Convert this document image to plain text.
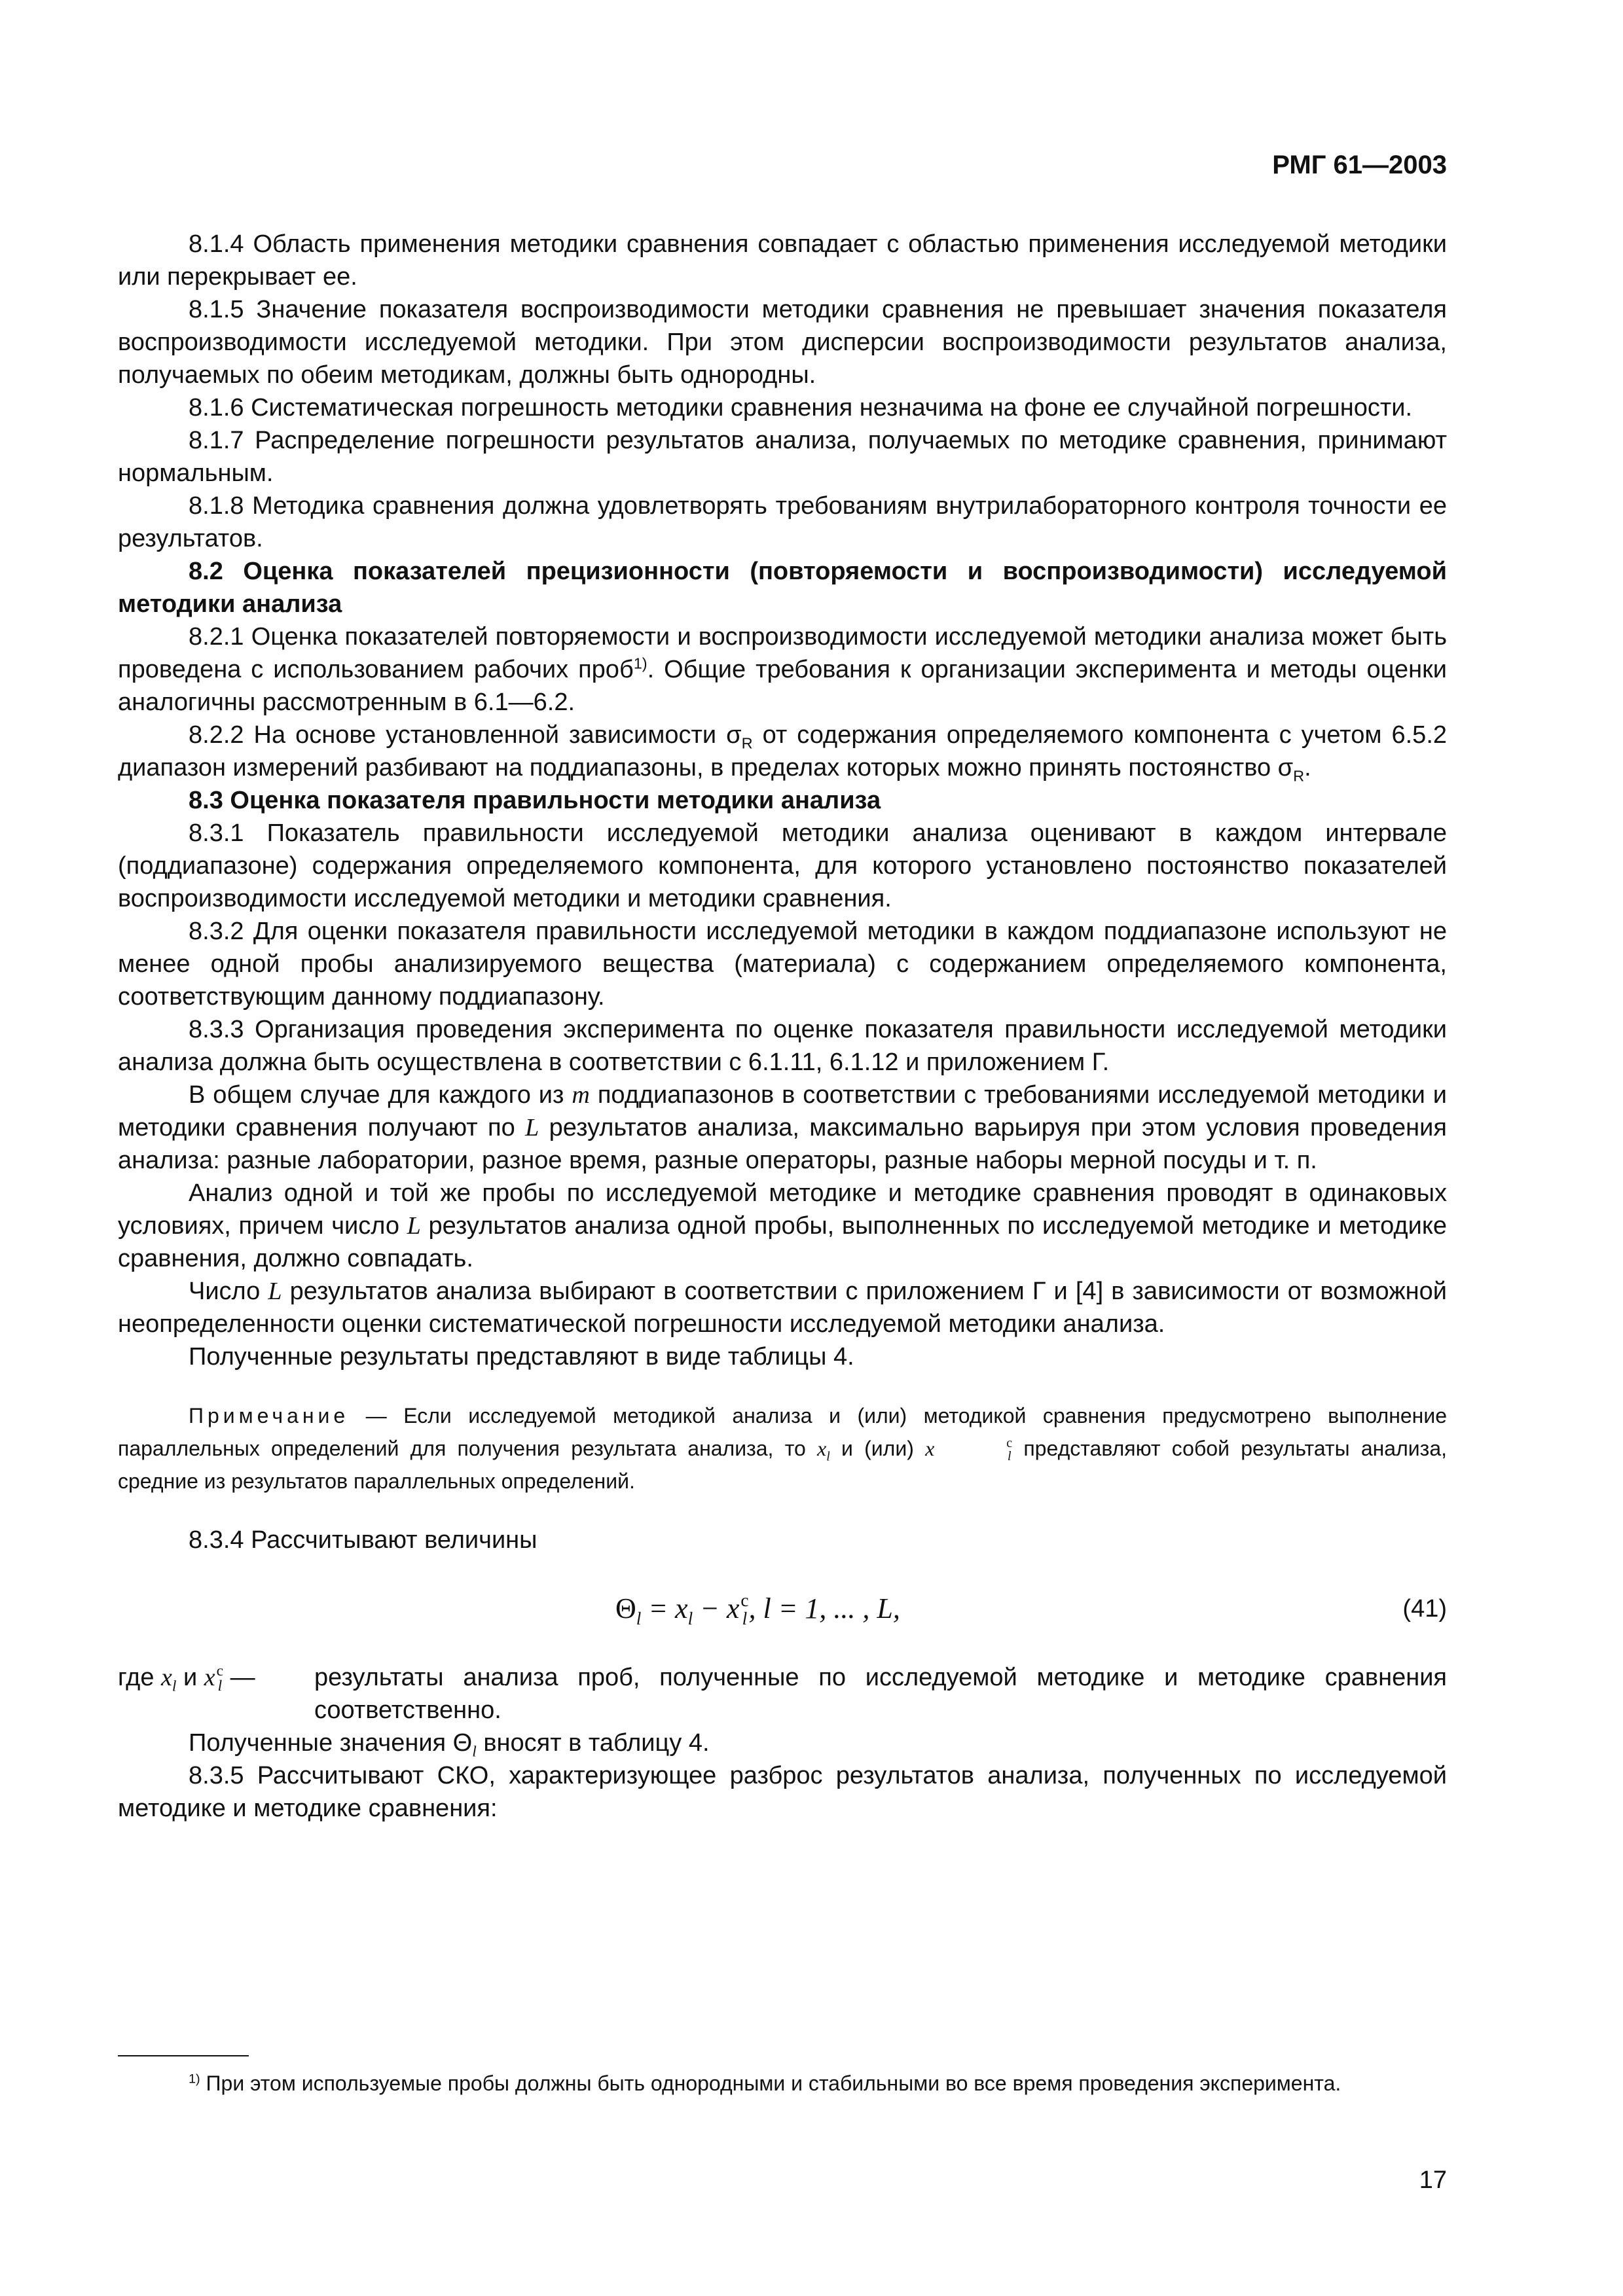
РМГ 61—2003

8.1.4 Область применения методики сравнения совпадает с областью применения исследуемой методики или перекрывает ее.

8.1.5 Значение показателя воспроизводимости методики сравнения не превышает значения показателя воспроизводимости исследуемой методики. При этом дисперсии воспроизводимости результатов анализа, получаемых по обеим методикам, должны быть однородны.

8.1.6 Систематическая погрешность методики сравнения незначима на фоне ее случайной погрешности.

8.1.7 Распределение погрешности результатов анализа, получаемых по методике сравнения, принимают нормальным.

8.1.8 Методика сравнения должна удовлетворять требованиям внутрилабораторного контроля точности ее результатов.

8.2 Оценка показателей прецизионности (повторяемости и воспроизводимости) исследуемой методики анализа

8.2.1 Оценка показателей повторяемости и воспроизводимости исследуемой методики анализа может быть проведена с использованием рабочих проб$^{1)}$. Общие требования к организации эксперимента и методы оценки аналогичны рассмотренным в 6.1—6.2.

8.2.2 На основе установленной зависимости $\sigma_R$ от содержания определяемого компонента с учетом 6.5.2 диапазон измерений разбивают на поддиапазоны, в пределах которых можно принять постоянство $\sigma_R$.

8.3 Оценка показателя правильности методики анализа

8.3.1 Показатель правильности исследуемой методики анализа оценивают в каждом интервале (поддиапазоне) содержания определяемого компонента, для которого установлено постоянство показателей воспроизводимости исследуемой методики и методики сравнения.

8.3.2 Для оценки показателя правильности исследуемой методики в каждом поддиапазоне используют не менее одной пробы анализируемого вещества (материала) с содержанием определяемого компонента, соответствующим данному поддиапазону.

8.3.3 Организация проведения эксперимента по оценке показателя правильности исследуемой методики анализа должна быть осуществлена в соответствии с 6.1.11, 6.1.12 и приложением Г.

В общем случае для каждого из m поддиапазонов в соответствии с требованиями исследуемой методики и методики сравнения получают по L результатов анализа, максимально варьируя при этом условия проведения анализа: разные лаборатории, разное время, разные операторы, разные наборы мерной посуды и т. п.

Анализ одной и той же пробы по исследуемой методике и методике сравнения проводят в одинаковых условиях, причем число L результатов анализа одной пробы, выполненных по исследуемой методике и методике сравнения, должно совпадать.

Число L результатов анализа выбирают в соответствии с приложением Г и [4] в зависимости от возможной неопределенности оценки систематической погрешности исследуемой методики анализа.

Полученные результаты представляют в виде таблицы 4.

Примечание — Если исследуемой методикой анализа и (или) методикой сравнения предусмотрено выполнение параллельных определений для получения результата анализа, то $x_l$ и (или) x	c
l представляют собой результаты анализа, средние из результатов параллельных определений.

8.3.4 Рассчитывают величины

$\Theta_l = x_l - x$ c
l , l = 1, ... , L,	(41)
где $x_l$ и x c
l —	результаты анализа проб, полученные по исследуемой методике и методике сравнения соответственно.

Полученные значения $\Theta_l$ вносят в таблицу 4.

8.3.5 Рассчитывают СКО, характеризующее разброс результатов анализа, полученных по исследуемой методике и методике сравнения:

$^{1)}$ При этом используемые пробы должны быть однородными и стабильными во все время проведения эксперимента.

17
